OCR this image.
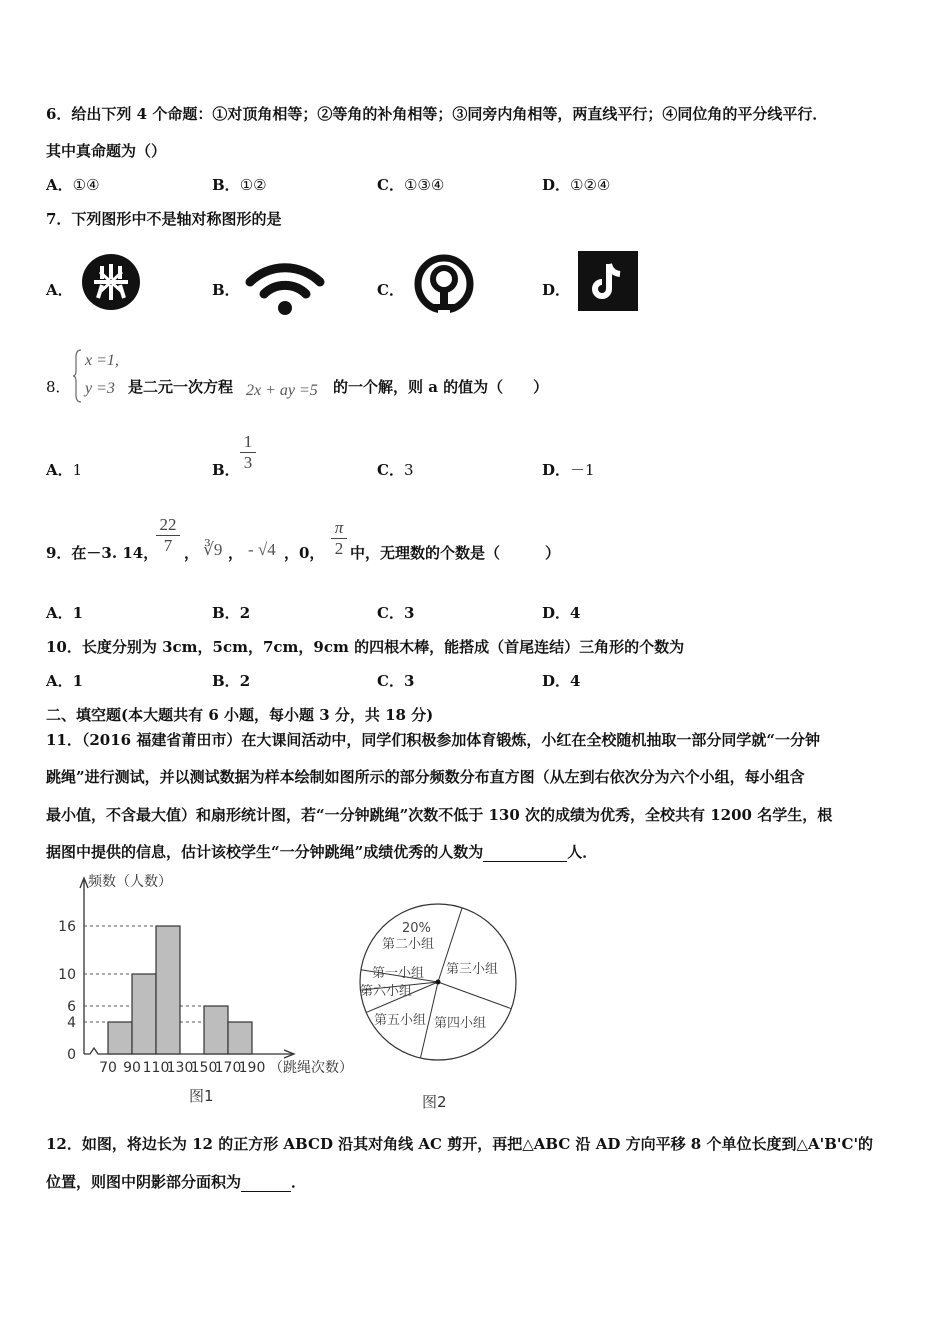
6．给出下列 4 个命题：①对顶角相等；②等角的补角相等；③同旁内角相等，两直线平行；④同位角的平分线平行．
其中真命题为（）
A．①④	B．①②	C．①③④	D．①②④
7．下列图形中不是轴对称图形的是
A．	B．	C．	D．
8．
x =1,
y =3 是二元一次方程 2x + ay =5 的一个解，则 a 的值为（　　）
A．1	B． $\frac{1}{3}$	C．3	D．－1
9．在－3. 14，
$\frac{22}{7}$ ， ∛9 ， - √4 ，0， $\frac{\pi}{2}$ 中，无理数的个数是（　　　）
A．1	B．2	C．3	D．4
10．长度分别为 3cm，5cm，7cm，9cm 的四根木棒，能搭成（首尾连结）三角形的个数为
A．1	B．2	C．3	D．4
二、填空题(本大题共有 6 小题，每小题 3 分，共 18 分)
11．（2016 福建省莆田市）在大课间活动中，同学们积极参加体育锻炼，小红在全校随机抽取一部分同学就“一分钟
跳绳”进行测试，并以测试数据为样本绘制如图所示的部分频数分布直方图（从左到右依次分为六个小组，每小组含
最小值，不含最大值）和扇形统计图，若“一分钟跳绳”次数不低于 130 次的成绩为优秀，全校共有 1200 名学生，根
据图中提供的信息，估计该校学生“一分钟跳绳”成绩优秀的人数为	人．
频数（人数）
（跳绳次数）
图1
0
4
6
10
16
70 90 110
130
150
170
190
20%
第一小组
第二小组
第三小组
第四小组
第五小组
第六小组
图2
12．如图，将边长为 12 的正方形 ABCD 沿其对角线 AC 剪开，再把△ABC 沿 AD 方向平移 8 个单位长度到△A'B'C'的
位置，则图中阴影部分面积为	．
